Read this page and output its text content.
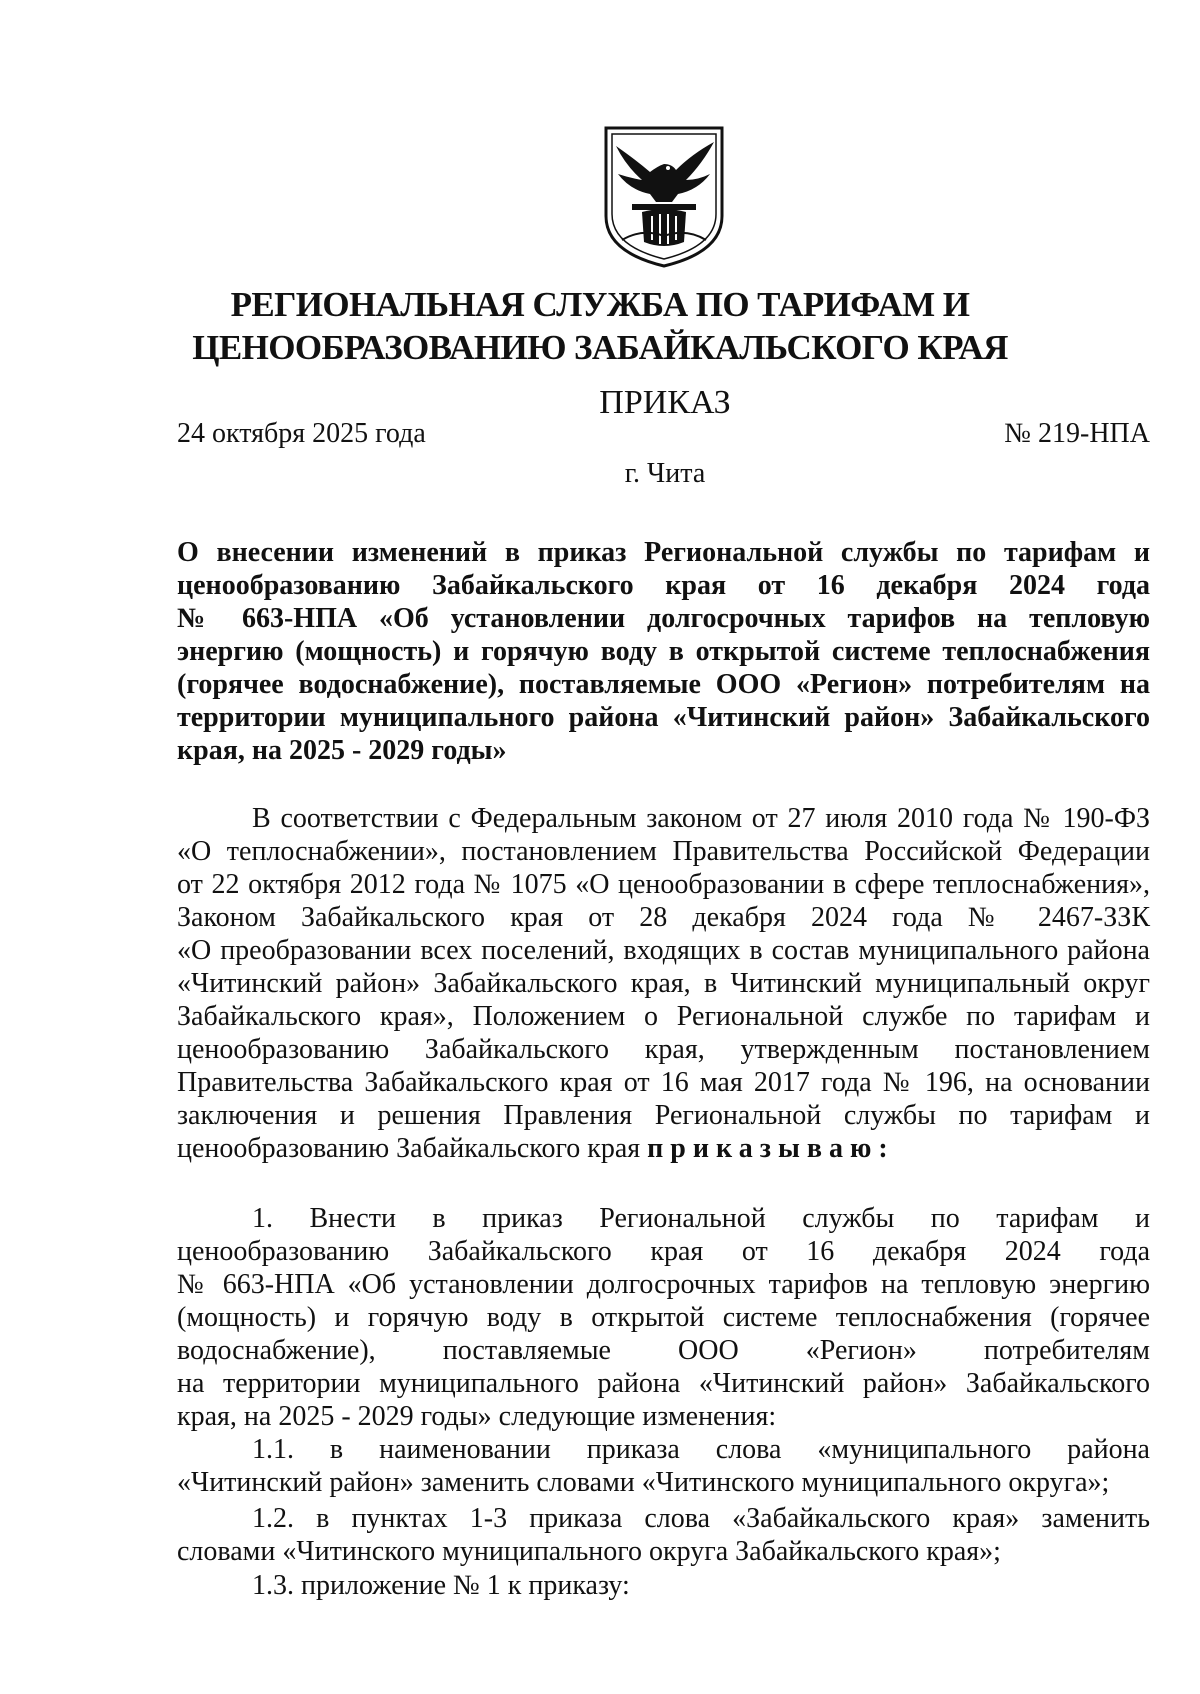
РЕГИОНАЛЬНАЯ СЛУЖБА ПО ТАРИФАМ И
ЦЕНООБРАЗОВАНИЮ ЗАБАЙКАЛЬСКОГО КРАЯ
ПРИКАЗ
24 октября 2025 года	№ 219-НПА
г. Чита
О внесении изменений в приказ Региональной службы по тарифам и
ценообразованию Забайкальского края от 16 декабря 2024 года
№ 663-НПА «Об установлении долгосрочных тарифов на тепловую
энергию (мощность) и горячую воду в открытой системе теплоснабжения
(горячее водоснабжение), поставляемые ООО «Регион» потребителям на
территории муниципального района «Читинский район» Забайкальского
края, на 2025 - 2029 годы»
В соответствии с Федеральным законом от 27 июля 2010 года № 190-ФЗ
«О теплоснабжении», постановлением Правительства Российской Федерации
от 22 октября 2012 года № 1075 «О ценообразовании в сфере теплоснабжения»,
Законом Забайкальского края от 28 декабря 2024 года № 2467-ЗЗК
«О преобразовании всех поселений, входящих в состав муниципального района
«Читинский район» Забайкальского края, в Читинский муниципальный округ
Забайкальского края», Положением о Региональной службе по тарифам и
ценообразованию Забайкальского края, утвержденным постановлением
Правительства Забайкальского края от 16 мая 2017 года № 196, на основании
заключения и решения Правления Региональной службы по тарифам и
ценообразованию Забайкальского края приказываю:
1. Внести в приказ Региональной службы по тарифам и
ценообразованию Забайкальского края от 16 декабря 2024 года
№ 663-НПА «Об установлении долгосрочных тарифов на тепловую энергию
(мощность) и горячую воду в открытой системе теплоснабжения (горячее
водоснабжение), поставляемые ООО «Регион» потребителям
на территории муниципального района «Читинский район» Забайкальского
края, на 2025 - 2029 годы» следующие изменения:
1.1. в наименовании приказа слова «муниципального района
«Читинский район» заменить словами «Читинского муниципального округа»;
1.2. в пунктах 1-3 приказа слова «Забайкальского края» заменить
словами «Читинского муниципального округа Забайкальского края»;
1.3. приложение № 1 к приказу:
